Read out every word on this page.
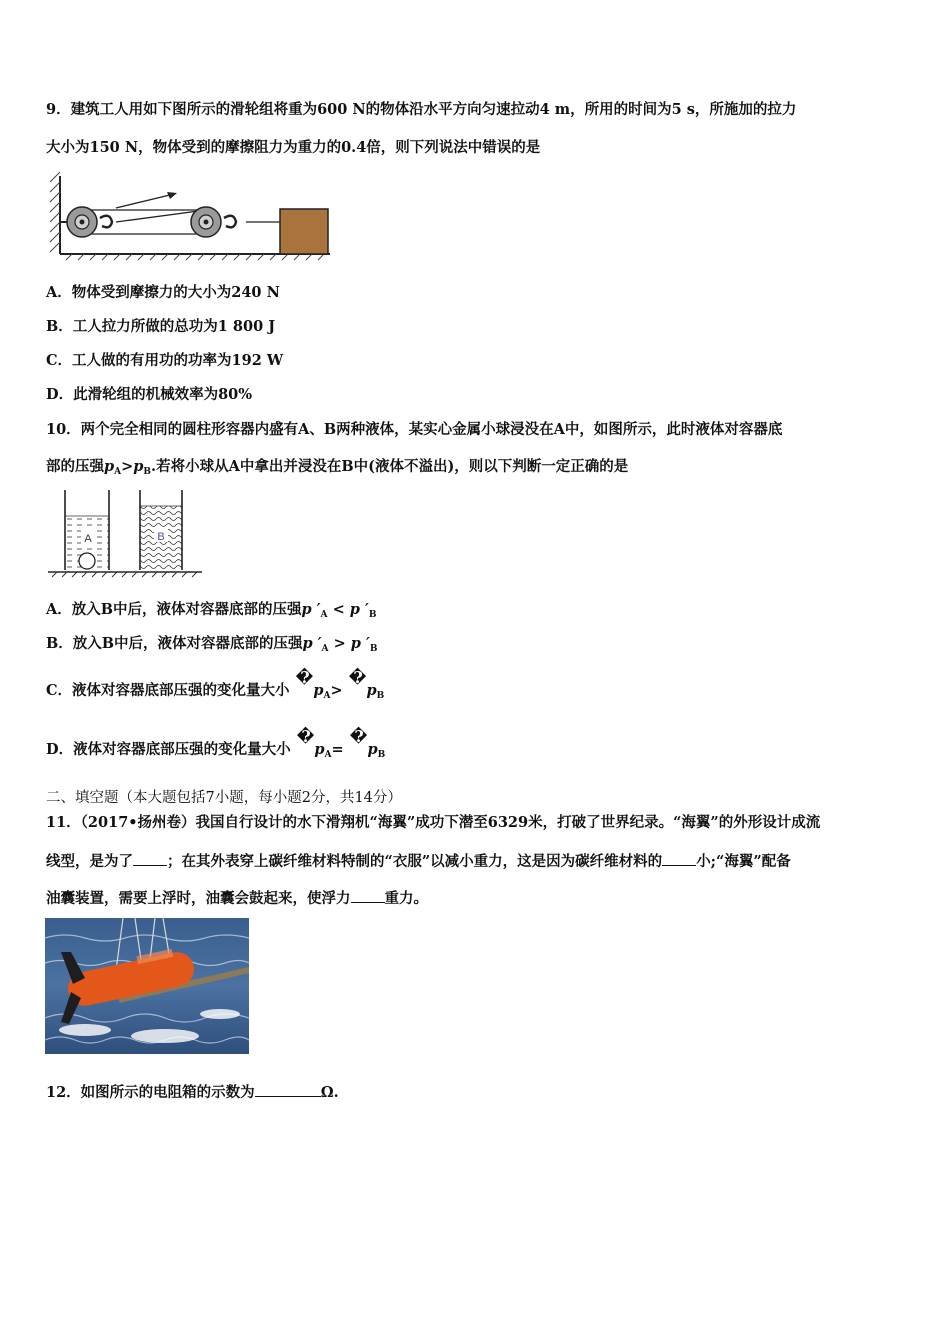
9．建筑工人用如下图所示的滑轮组将重为600 N的物体沿水平方向匀速拉动4 m，所用的时间为5 s，所施加的拉力
大小为150 N，物体受到的摩擦阻力为重力的0.4倍，则下列说法中错误的是
A．物体受到摩擦力的大小为240 N
B．工人拉力所做的总功为1 800 J
C．工人做的有用功的功率为192 W
D．此滑轮组的机械效率为80%
10．两个完全相同的圆柱形容器内盛有A、B两种液体，某实心金属小球浸没在A中，如图所示，此时液体对容器底
部的压强$p_A>p_B$.若将小球从A中拿出并浸没在B中(液体不溢出)，则以下判断一定正确的是
A	B
A．放入B中后，液体对容器底部的压强p $'_A < p$ $'_B$
B．放入B中后，液体对容器底部的压强p $'_A > p$ $'_B$
C．液体对容器底部压强的变化量大小$�p_A>�p_B$
D．液体对容器底部压强的变化量大小$�p_A=�p_B$
二、填空题（本大题包括7小题，每小题2分，共14分）
11．（2017•扬州卷）我国自行设计的水下滑翔机“海翼”成功下潜至6329米，打破了世界纪录。“海翼”的外形设计成流
线型，是为了 ；在其外表穿上碳纤维材料特制的“衣服”以减小重力，这是因为碳纤维材料的 小;“海翼”配备
油囊装置，需要上浮时，油囊会鼓起来，使浮力 重力。
12．如图所示的电阻箱的示数为	Ω.
